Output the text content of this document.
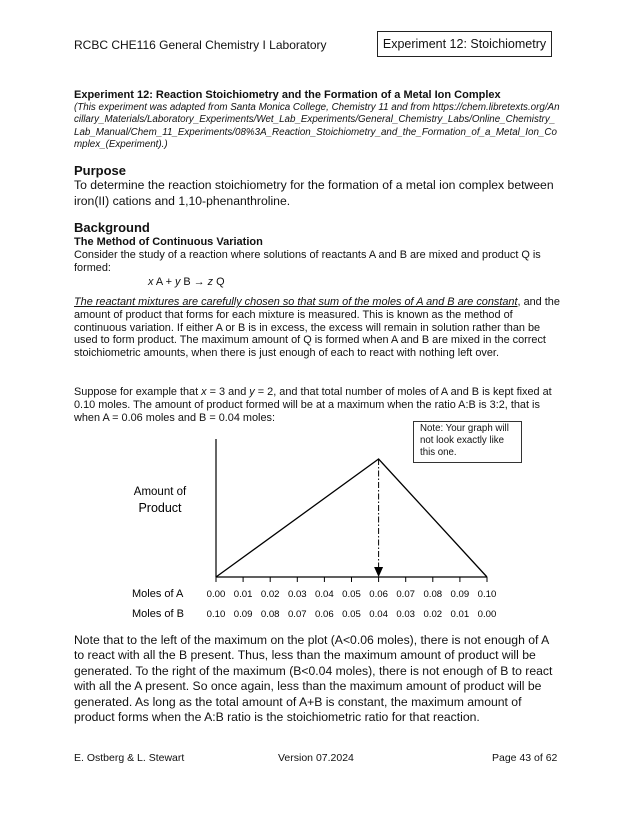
RCBC CHE116 General Chemistry I Laboratory	Experiment 12: Stoichiometry
Experiment 12: Reaction Stoichiometry and the Formation of a Metal Ion Complex
(This experiment was adapted from Santa Monica College, Chemistry 11 and from https://chem.libretexts.org/Ancillary_Materials/Laboratory_Experiments/Wet_Lab_Experiments/General_Chemistry_Labs/Online_Chemistry_Lab_Manual/Chem_11_Experiments/08%3A_Reaction_Stoichiometry_and_the_Formation_of_a_Metal_Ion_Complex_(Experiment).)
Purpose
To determine the reaction stoichiometry for the formation of a metal ion complex between iron(II) cations and 1,10-phenanthroline.
Background
The Method of Continuous Variation
Consider the study of a reaction where solutions of reactants A and B are mixed and product Q is formed:
x A + y B → z Q
The reactant mixtures are carefully chosen so that sum of the moles of A and B are constant, and the amount of product that forms for each mixture is measured. This is known as the method of continuous variation. If either A or B is in excess, the excess will remain in solution rather than be used to form product. The maximum amount of Q is formed when A and B are mixed in the correct stoichiometric amounts, when there is just enough of each to react with nothing left over.
Suppose for example that x = 3 and y = 2, and that total number of moles of A and B is kept fixed at 0.10 moles. The amount of product formed will be at a maximum when the ratio A:B is 3:2, that is when A = 0.06 moles and B = 0.04 moles:
Amount of
Product
Moles of A
Moles of B
0.00 0.01 0.02 0.03 0.04 0.05 0.06 0.07 0.08 0.09 0.10
0.10 0.09 0.08 0.07 0.06 0.05 0.04 0.03 0.02 0.01 0.00
Note: Your graph will not look exactly like this one.
Note that to the left of the maximum on the plot (A<0.06 moles), there is not enough of A to react with all the B present. Thus, less than the maximum amount of product will be generated. To the right of the maximum (B<0.04 moles), there is not enough of B to react with all the A present. So once again, less than the maximum amount of product will be generated. As long as the total amount of A+B is constant, the maximum amount of product forms when the A:B ratio is the stoichiometric ratio for that reaction.
E. Ostberg & L. Stewart	Version 07.2024	Page 43 of 62
